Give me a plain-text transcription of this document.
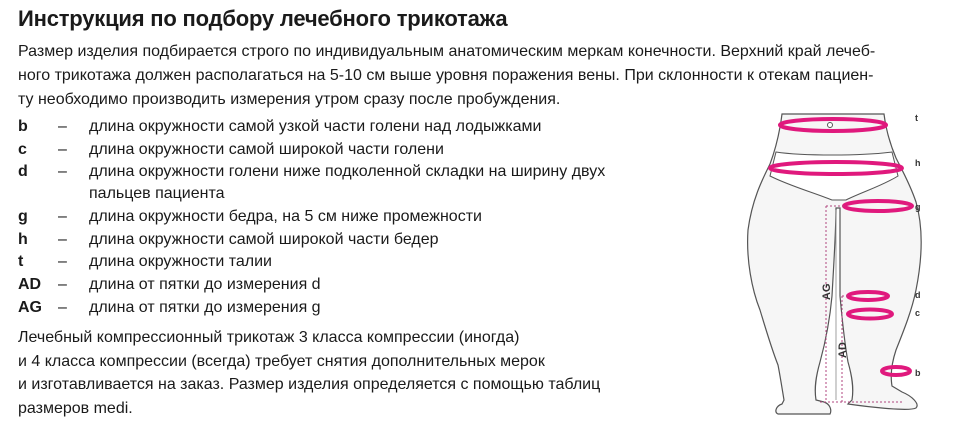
Инструкция по подбору лечебного трикотажа
Размер изделия подбирается строго по индивидуальным анатомическим меркам конечности. Верхний край лечеб-
ного трикотажа должен располагаться на 5-10 см выше уровня поражения вены. При склонности к отекам пациен-
ту необходимо производить измерения утром сразу после пробуждения.
b – длина окружности самой узкой части голени над лодыжками
c – длина окружности самой широкой части голени
d – длина окружности голени ниже подколенной складки на ширину двух
пальцев пациента
g – длина окружности бедра, на 5 см ниже промежности
h – длина окружности самой широкой части бедер
t – длина окружности талии
AD – длина от пятки до измерения d
AG – длина от пятки до измерения g
Лечебный компрессионный трикотаж 3 класса компрессии (иногда)
и 4 класса компрессии (всегда) требует снятия дополнительных мерок
и изготавливается на заказ. Размер изделия определяется с помощью таблиц
размеров medi.
t
h
g
d
c
b
AG
AD
